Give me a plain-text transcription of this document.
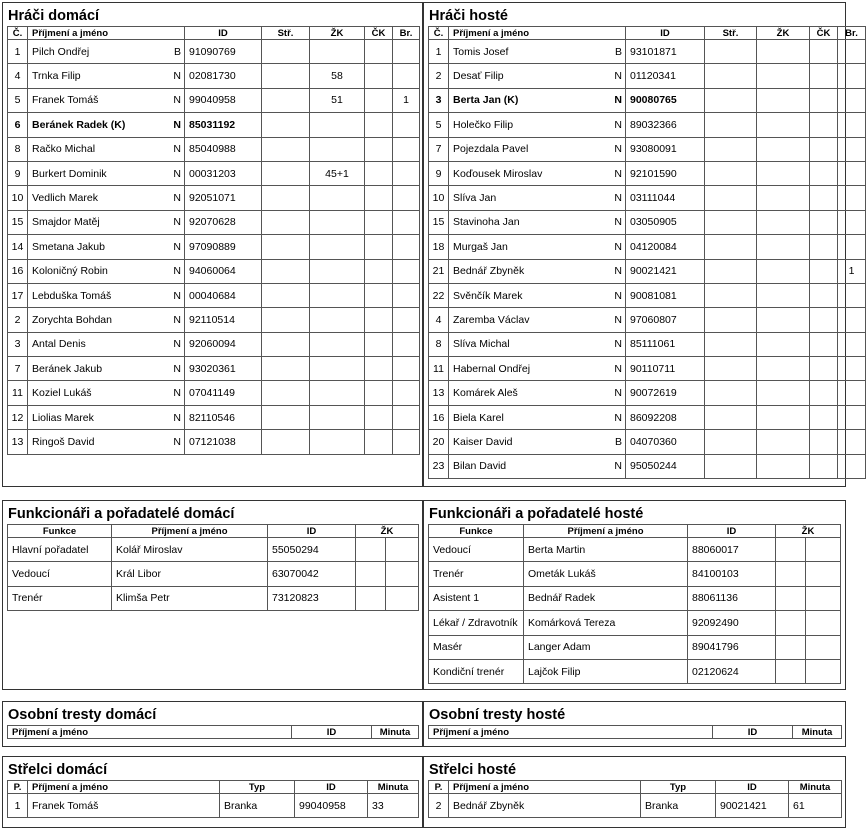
Hráči domácí
Č.	Příjmení a jméno	ID	Stř.	ŽK	ČK	Br.
1	Pilch Ondřej B	91090769				
4	Trnka Filip N	02081730		58		
5	Franek Tomáš N	99040958		51		1
6	Beránek Radek (K) N	85031192				
8	Račko Michal N	85040988				
9	Burkert Dominik N	00031203		45+1		
10	Vedlich Marek N	92051071				
15	Smajdor Matěj N	92070628				
14	Smetana Jakub N	97090889				
16	Koloničný Robin N	94060064				
17	Lebduška Tomáš N	00040684				
2	Zorychta Bohdan N	92110514				
3	Antal Denis N	92060094				
7	Beránek Jakub N	93020361				
11	Koziel Lukáš N	07041149				
12	Liolias Marek N	82110546				
13	Ringoš David N	07121038				
Hráči hosté
Č.	Příjmení a jméno	ID	Stř.	ŽK	ČK	Br.
1	Tomis Josef B	93101871				
2	Desať Filip N	01120341				
3	Berta Jan (K) N	90080765				
5	Holečko Filip N	89032366				
7	Pojezdala Pavel N	93080091				
9	Koďousek Miroslav N	92101590				
10	Slíva Jan N	03111044				
15	Stavinoha Jan N	03050905				
18	Murgaš Jan N	04120084				
21	Bednář Zbyněk N	90021421				1
22	Svěnčík Marek N	90081081				
4	Zaremba Václav N	97060807				
8	Slíva Michal N	85111061				
11	Habernal Ondřej N	90110711				
13	Komárek Aleš N	90072619				
16	Biela Karel N	86092208				
20	Kaiser David B	04070360				
23	Bilan David N	95050244				
Funkcionáři a pořadatelé domácí
Funkce	Příjmení a jméno	ID	ŽK	
Hlavní pořadatel	Kolář Miroslav	55050294		
Vedoucí	Král Libor	63070042		
Trenér	Klimša Petr	73120823		
Funkcionáři a pořadatelé hosté
Funkce	Příjmení a jméno	ID	ŽK	
Vedoucí	Berta Martin	88060017		
Trenér	Ometák Lukáš	84100103		
Asistent 1	Bednář Radek	88061136		
Lékař / Zdravotník	Komárková Tereza	92092490		
Masér	Langer Adam	89041796		
Kondiční trenér	Lajčok Filip	02120624		
Osobní tresty domácí
Příjmení a jméno	ID	Minuta
Osobní tresty hosté
Příjmení a jméno	ID	Minuta
Střelci domácí
P.	Příjmení a jméno	Typ	ID	Minuta
1	Franek Tomáš	Branka	99040958	33
Střelci hosté
P.	Příjmení a jméno	Typ	ID	Minuta
2	Bednář Zbyněk	Branka	90021421	61
